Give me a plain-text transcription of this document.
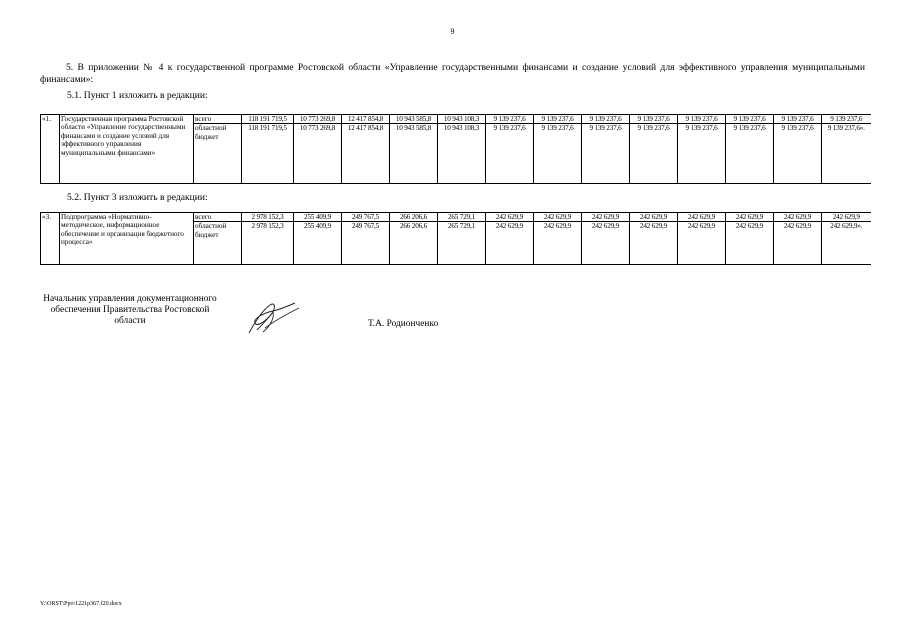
9
5. В приложении № 4 к государственной программе Ростовской области «Управление государственными финансами и создание условий для эффективного управления муниципальными финансами»:
5.1. Пункт 1 изложить в редакции:
«1.	Государственная программа Ростовской области «Управление государственными финансами и создание условий для эффективного управления муниципальными финансами»	всего	118 191 719,5	10 773 269,8	12 417 854,8	10 943 585,8	10 943 108,3	9 139 237,6	9 139 237,6	9 139 237,6	9 139 237,6	9 139 237,6	9 139 237,6	9 139 237,6	9 139 237,6
		областной бюджет	118 191 719,5	10 773 269,8	12 417 854,8	10 943 585,8	10 943 108,3	9 139 237,6	9 139 237,6	9 139 237,6	9 139 237,6	9 139 237,6	9 139 237,6	9 139 237,6	9 139 237,6».
5.2. Пункт 3 изложить в редакции:
«3.	Подпрограмма «Нормативно-методическое, информационное обеспечение и организация бюджетного процесса»	всего	2 978 152,3	255 409,9	249 767,5	266 206,6	265 729,1	242 629,9	242 629,9	242 629,9	242 629,9	242 629,9	242 629,9	242 629,9	242 629,9
		областной бюджет	2 978 152,3	255 409,9	249 767,5	266 206,6	265 729,1	242 629,9	242 629,9	242 629,9	242 629,9	242 629,9	242 629,9	242 629,9	242 629,9».
Начальник управления документационного обеспечения Правительства Ростовской области	Т.А. Родионченко
Y:\ORST\Ppo\1221p367.f20.docx
